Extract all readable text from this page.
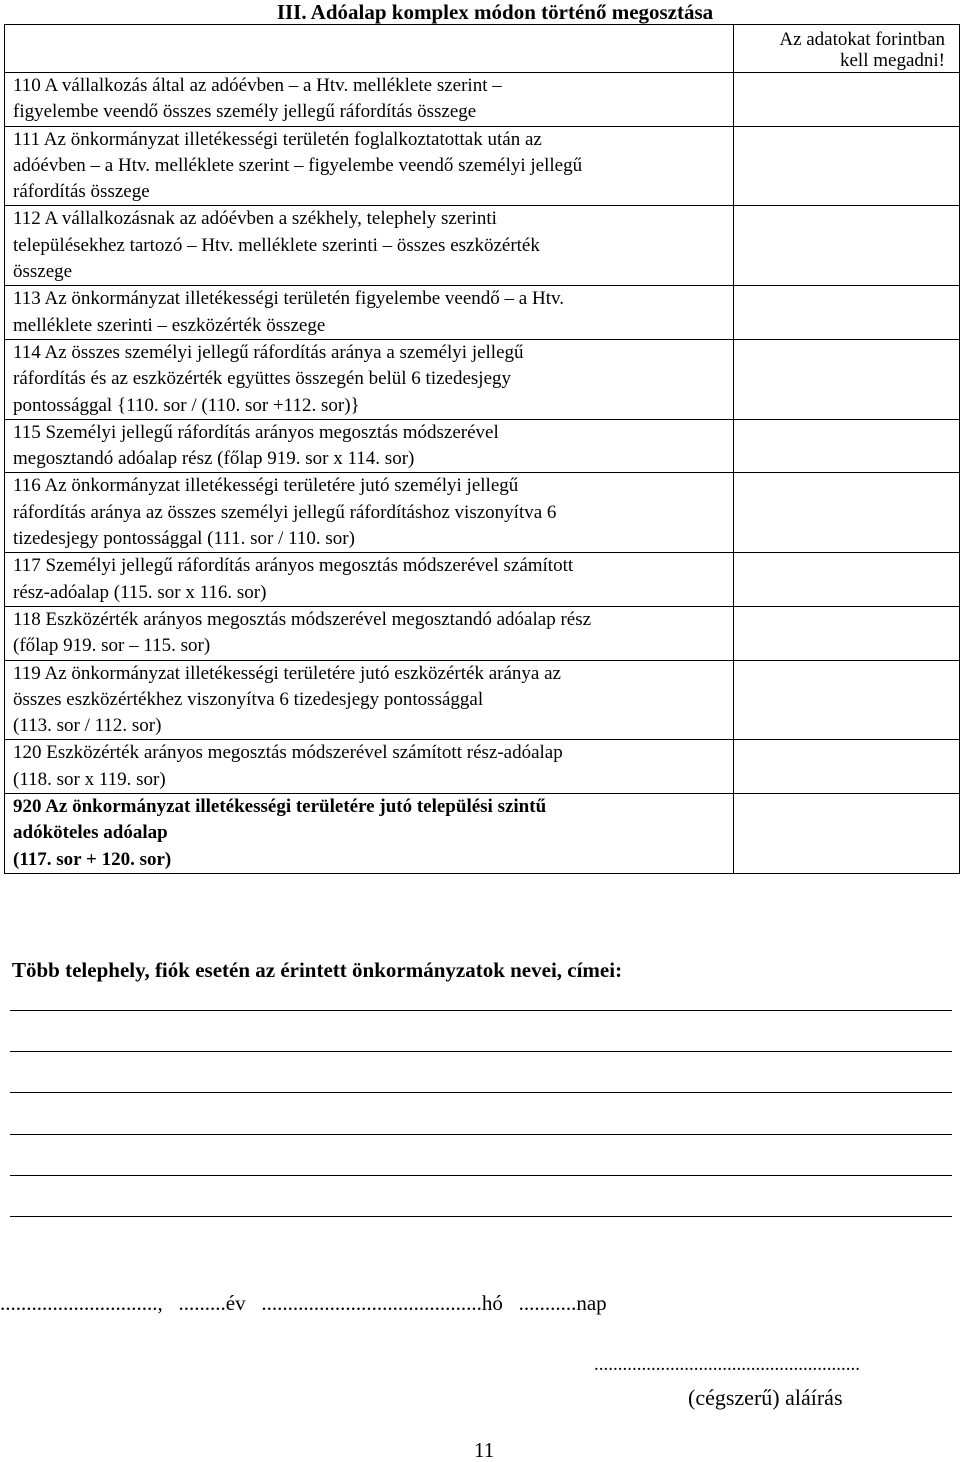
III. Adóalap komplex módon történő megosztása

	Az adatokat forintban
kell megadni!

110 A vállalkozás által az adóévben – a Htv. melléklete szerint –
figyelembe veendő összes személy jellegű ráfordítás összege	

111 Az önkormányzat illetékességi területén foglalkoztatottak után az
adóévben – a Htv. melléklete szerint – figyelembe veendő személyi jellegű
ráfordítás összege	

112 A vállalkozásnak az adóévben a székhely, telephely szerinti
településekhez tartozó – Htv. melléklete szerinti – összes eszközérték
összege	

113 Az önkormányzat illetékességi területén figyelembe veendő – a Htv.
melléklete szerinti – eszközérték összege	

114 Az összes személyi jellegű ráfordítás aránya a személyi jellegű
ráfordítás és az eszközérték együttes összegén belül 6 tizedesjegy
pontossággal {110. sor / (110. sor +112. sor)}	

115 Személyi jellegű ráfordítás arányos megosztás módszerével
megosztandó adóalap rész (főlap 919. sor x 114. sor)	

116 Az önkormányzat illetékességi területére jutó személyi jellegű
ráfordítás aránya az összes személyi jellegű ráfordításhoz viszonyítva 6
tizedesjegy pontossággal (111. sor / 110. sor)	

117 Személyi jellegű ráfordítás arányos megosztás módszerével számított
rész-adóalap (115. sor x 116. sor)	

118 Eszközérték arányos megosztás módszerével megosztandó adóalap rész
(főlap 919. sor – 115. sor)	

119 Az önkormányzat illetékességi területére jutó eszközérték aránya az
összes eszközértékhez viszonyítva 6 tizedesjegy pontossággal
(113. sor / 112. sor)	

120 Eszközérték arányos megosztás módszerével számított rész-adóalap
(118. sor x 119. sor)	

920 Az önkormányzat illetékességi területére jutó települési szintű
adóköteles adóalap
(117. sor + 120. sor)	

Több telephely, fiók esetén az érintett önkormányzatok nevei, címei:
..............................,   .........év   ..........................................hó   ...........nap
........................................................
(cégszerű) aláírás
11
